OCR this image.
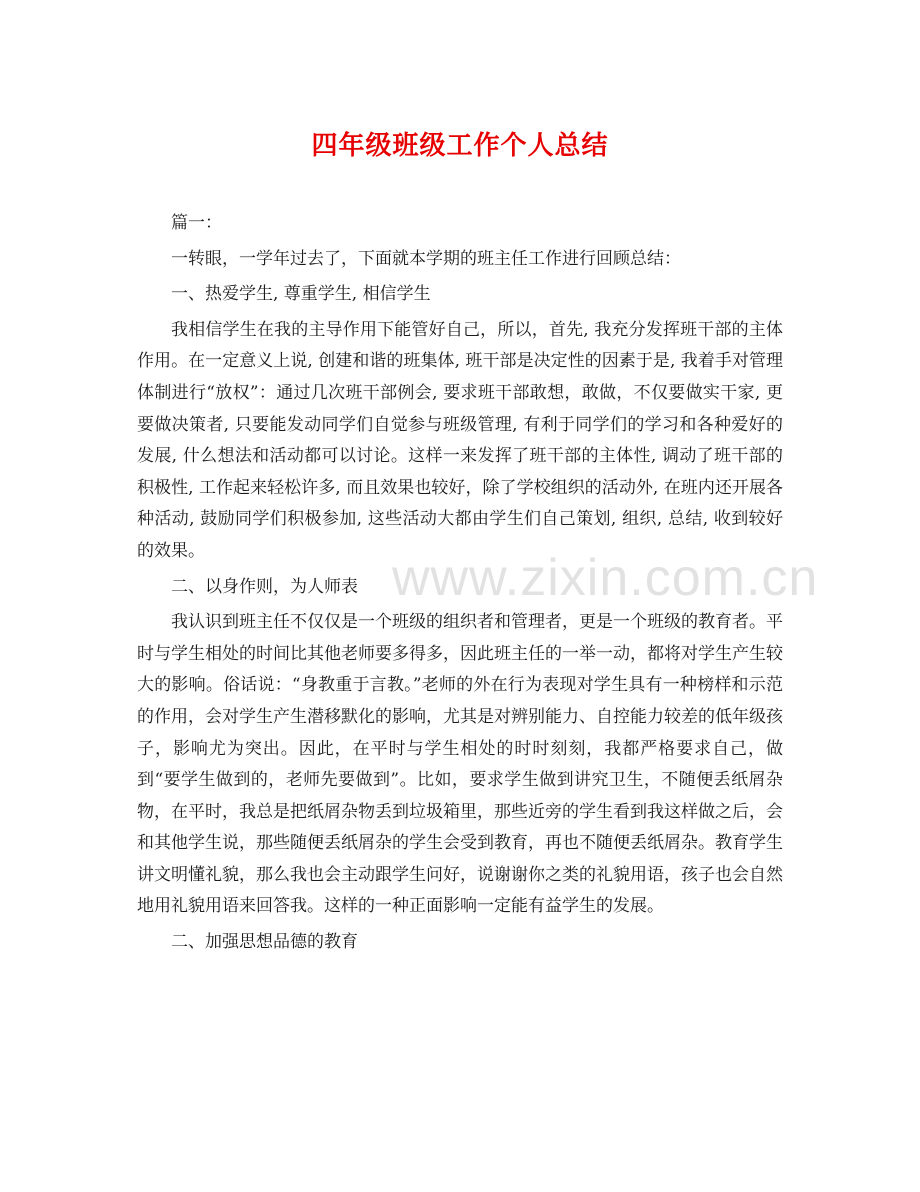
四年级班级工作个人总结
www.zixin.com.cn

篇一：

一转眼，一学年过去了，下面就本学期的班主任工作进行回顾总结：

一、热爱学生, 尊重学生, 相信学生

我相信学生在我的主导作用下能管好自己，所以，首先, 我充分发挥班干部的主体作用。在一定意义上说, 创建和谐的班集体, 班干部是决定性的因素于是, 我着手对管理体制进行“放权”：通过几次班干部例会, 要求班干部敢想，敢做，不仅要做实干家, 更要做决策者, 只要能发动同学们自觉参与班级管理, 有利于同学们的学习和各种爱好的发展, 什么想法和活动都可以讨论。这样一来发挥了班干部的主体性, 调动了班干部的积极性, 工作起来轻松许多, 而且效果也较好，除了学校组织的活动外, 在班内还开展各种活动, 鼓励同学们积极参加, 这些活动大都由学生们自己策划, 组织, 总结, 收到较好的效果。

二、以身作则，为人师表

我认识到班主任不仅仅是一个班级的组织者和管理者，更是一个班级的教育者。平时与学生相处的时间比其他老师要多得多，因此班主任的一举一动，都将对学生产生较大的影响。俗话说：“身教重于言教。”老师的外在行为表现对学生具有一种榜样和示范的作用，会对学生产生潜移默化的影响，尤其是对辨别能力、自控能力较差的低年级孩子，影响尤为突出。因此，在平时与学生相处的时时刻刻，我都严格要求自己，做到“要学生做到的，老师先要做到”。比如，要求学生做到讲究卫生，不随便丢纸屑杂物，在平时，我总是把纸屑杂物丢到垃圾箱里，那些近旁的学生看到我这样做之后，会和其他学生说，那些随便丢纸屑杂的学生会受到教育，再也不随便丢纸屑杂。教育学生讲文明懂礼貌，那么我也会主动跟学生问好，说谢谢你之类的礼貌用语，孩子也会自然地用礼貌用语来回答我。这样的一种正面影响一定能有益学生的发展。

二、加强思想品德的教育
